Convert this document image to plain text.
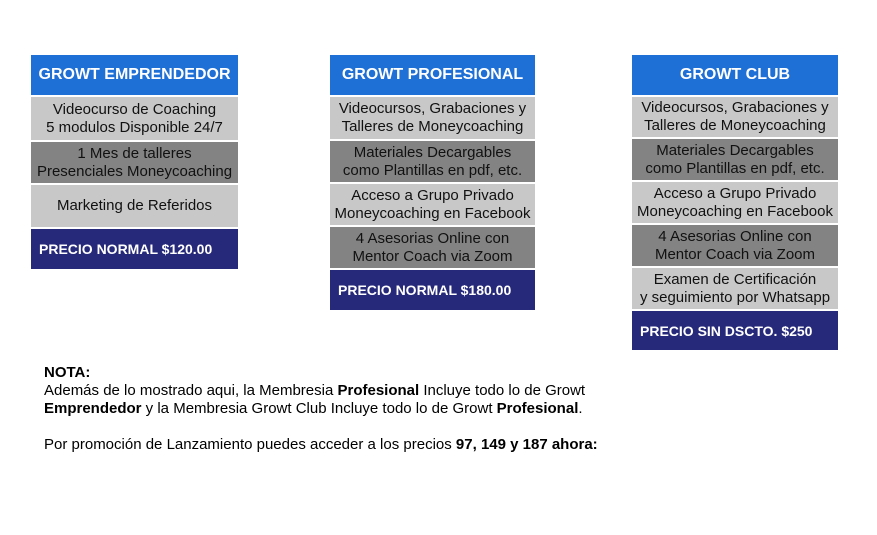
GROWT EMPRENDEDOR
Videocurso de Coaching
5 modulos Disponible 24/7
1 Mes de talleres
Presenciales Moneycoaching
Marketing de Referidos
PRECIO NORMAL $120.00
GROWT PROFESIONAL
Videocursos, Grabaciones y
Talleres de Moneycoaching
Materiales Decargables
como Plantillas en pdf, etc.
Acceso a Grupo Privado
Moneycoaching en Facebook
4 Asesorias Online con
Mentor Coach via Zoom
PRECIO NORMAL $180.00
GROWT CLUB
Videocursos, Grabaciones y
Talleres de Moneycoaching
Materiales Decargables
como Plantillas en pdf, etc.
Acceso a Grupo Privado
Moneycoaching en Facebook
4 Asesorias Online con
Mentor Coach via Zoom
Examen de Certificación
y seguimiento por Whatsapp
PRECIO SIN DSCTO. $250

NOTA:

Además de lo mostrado aqui, la Membresia Profesional Incluye todo lo de Growt

Emprendedor y la Membresia Growt Club Incluye todo lo de Growt Profesional.

Por promoción de Lanzamiento puedes acceder a los precios 97, 149 y 187 ahora:
